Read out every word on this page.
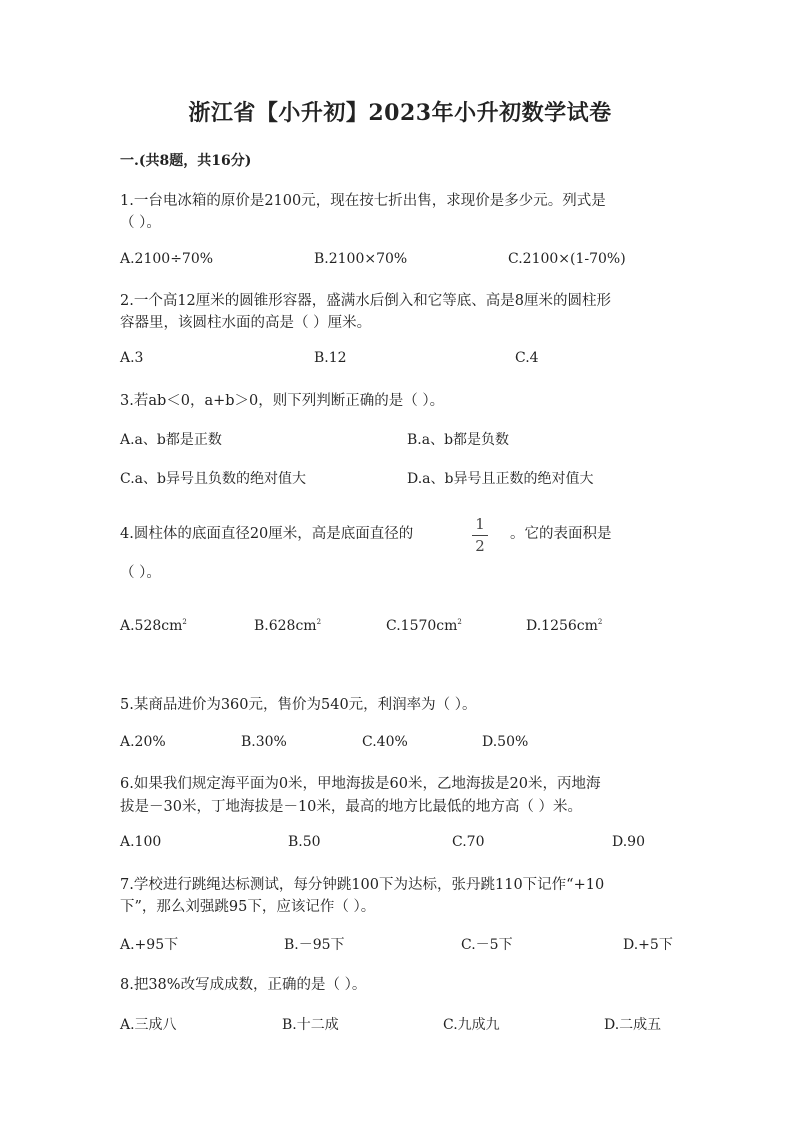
浙江省【小升初】2023年小升初数学试卷
一.(共8题，共16分)
1.一台电冰箱的原价是2100元，现在按七折出售，求现价是多少元。列式是
（ ）。
A.2100÷70%	B.2100×70%	C.2100×(1-70%)
2.一个高12厘米的圆锥形容器，盛满水后倒入和它等底、高是8厘米的圆柱形
容器里，该圆柱水面的高是（ ）厘米。
A.3	B.12	C.4
3.若ab＜0，a+b＞0，则下列判断正确的是（ ）。
A.a、b都是正数	B.a、b都是负数
C.a、b异号且负数的绝对值大	D.a、b异号且正数的绝对值大
4.圆柱体的底面直径20厘米，高是底面直径的
1
2
。它的表面积是
（ ）。
$A.528cm^2$	$B.628cm^2$	$C.1570cm^2$	$D.1256cm^2$
5.某商品进价为360元，售价为540元，利润率为（ ）。
A.20%	B.30%	C.40%	D.50%
6.如果我们规定海平面为0米，甲地海拔是60米，乙地海拔是20米，丙地海
拔是－30米，丁地海拔是－10米，最高的地方比最低的地方高（ ）米。
A.100	B.50	C.70	D.90
7.学校进行跳绳达标测试，每分钟跳100下为达标，张丹跳110下记作“+10
下”，那么刘强跳95下，应该记作（ ）。
A.+95下	B.－95下	C.－5下	D.+5下
8.把38%改写成成数，正确的是（ ）。
A.三成八	B.十二成	C.九成九	D.二成五
